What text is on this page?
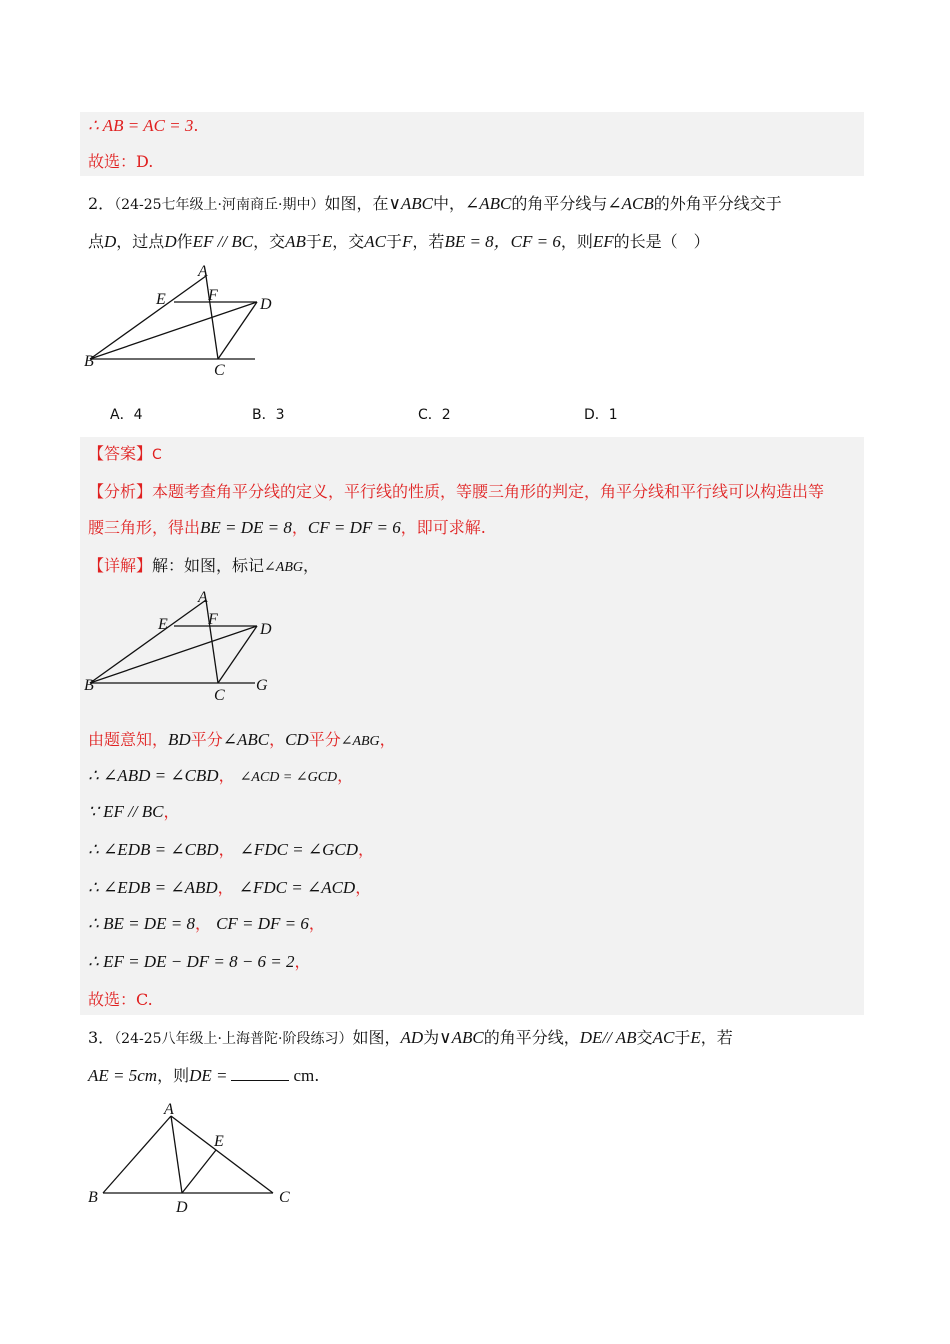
∴ AB = AC = 3.
故选：D.
2．（24-25七年级上·河南商丘·期中）如图，在∨ABC中，∠ABC的角平分线与∠ACB的外角平分线交于
点D，过点D作EF // BC，交AB于E，交AC于F，若BE = 8，CF = 6，则EF的长是（　）
A
E	F
D
B
C
A．4	B．3	C．2	D．1
【答案】C
【分析】本题考查角平分线的定义，平行线的性质，等腰三角形的判定，角平分线和平行线可以构造出等
腰三角形，得出BE = DE = 8，CF = DF = 6，即可求解.
【详解】解：如图，标记∠ABG，
A
E	F
D
B
C
G
由题意知，BD平分∠ABC，CD平分∠ABG，
∴ ∠ABD = ∠CBD， ∠ACD = ∠GCD，
∵ EF // BC，
∴ ∠EDB = ∠CBD， ∠FDC = ∠GCD，
∴ ∠EDB = ∠ABD， ∠FDC = ∠ACD，
∴ BE = DE = 8， CF = DF = 6，
∴ EF = DE − DF = 8 − 6 = 2，
故选：C.
3．（24-25八年级上·上海普陀·阶段练习）如图，AD为∨ABC的角平分线，DE// AB交AC于E，若
AE = 5cm，则DE =	cm.
A
E
B
D
C
